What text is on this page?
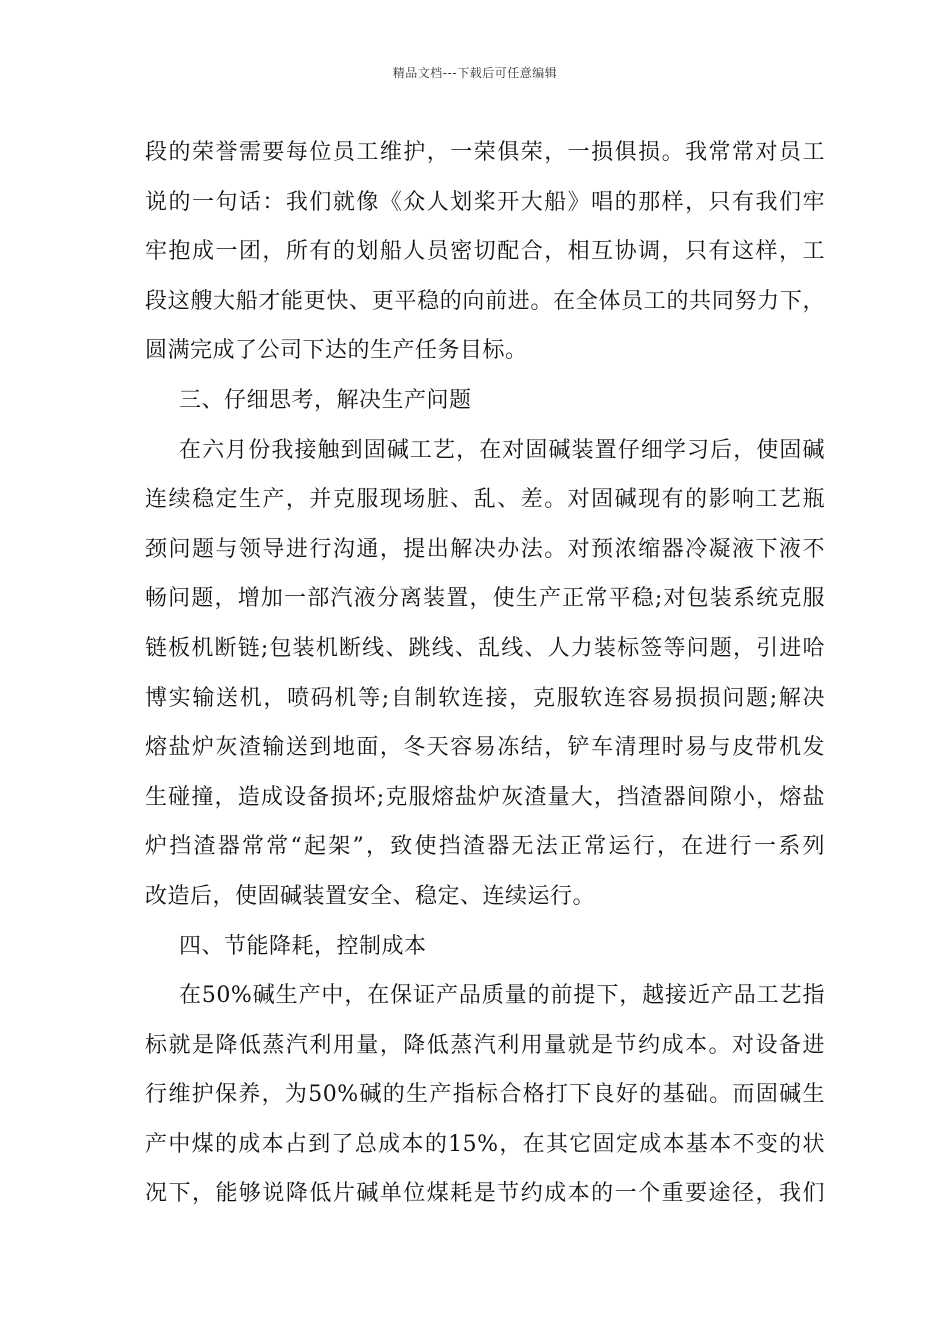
精品文档---下载后可任意编辑
段的荣誉需要每位员工维护，一荣俱荣，一损俱损。我常常对员工
说的一句话：我们就像《众人划桨开大船》唱的那样，只有我们牢
牢抱成一团，所有的划船人员密切配合，相互协调，只有这样，工
段这艘大船才能更快、更平稳的向前进。在全体员工的共同努力下，
圆满完成了公司下达的生产任务目标。
三、仔细思考，解决生产问题
在六月份我接触到固碱工艺，在对固碱装置仔细学习后，使固碱
连续稳定生产，并克服现场脏、乱、差。对固碱现有的影响工艺瓶
颈问题与领导进行沟通，提出解决办法。对预浓缩器冷凝液下液不
畅问题，增加一部汽液分离装置，使生产正常平稳;对包装系统克服
链板机断链;包装机断线、跳线、乱线、人力装标签等问题，引进哈
博实输送机，喷码机等;自制软连接，克服软连容易损损问题;解决
熔盐炉灰渣输送到地面，冬天容易冻结，铲车清理时易与皮带机发
生碰撞，造成设备损坏;克服熔盐炉灰渣量大，挡渣器间隙小，熔盐
炉挡渣器常常“起架”，致使挡渣器无法正常运行，在进行一系列
改造后，使固碱装置安全、稳定、连续运行。
四、节能降耗，控制成本
在50%碱生产中，在保证产品质量的前提下，越接近产品工艺指
标就是降低蒸汽利用量，降低蒸汽利用量就是节约成本。对设备进
行维护保养，为50%碱的生产指标合格打下良好的基础。而固碱生
产中煤的成本占到了总成本的15%，在其它固定成本基本不变的状
况下，能够说降低片碱单位煤耗是节约成本的一个重要途径，我们
